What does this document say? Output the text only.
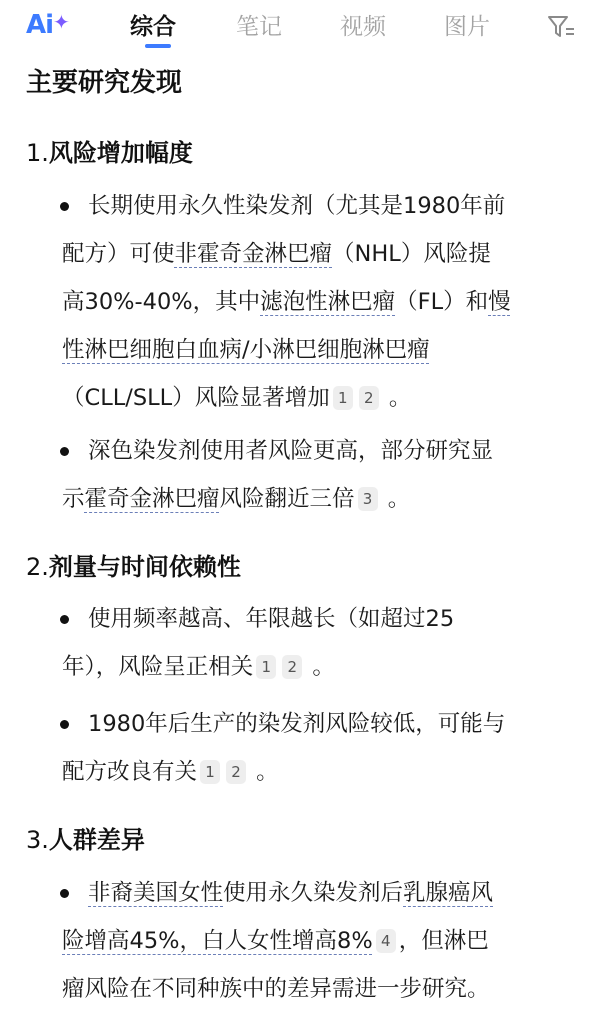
Ai✦	综合	笔记	视频	图片
主要研究发现
1.风险增加幅度
长期使用永久性染发剂（尤其是1980年前
配方）可使非霍奇金淋巴瘤（NHL）风险提
高30%-40%，其中滤泡性淋巴瘤（FL）和慢
性淋巴细胞白血病/小淋巴细胞淋巴瘤
（CLL/SLL）风险显著增加 1 2 。
深色染发剂使用者风险更高，部分研究显
示霍奇金淋巴瘤风险翻近三倍 3 。
2.剂量与时间依赖性
使用频率越高、年限越长（如超过25
年），风险呈正相关 1 2 。
1980年后生产的染发剂风险较低，可能与
配方改良有关 1 2 。
3.人群差异
非裔美国女性使用永久染发剂后乳腺癌风
险增高45%，白人女性增高8% 4 ，但淋巴
瘤风险在不同种族中的差异需进一步研究。
